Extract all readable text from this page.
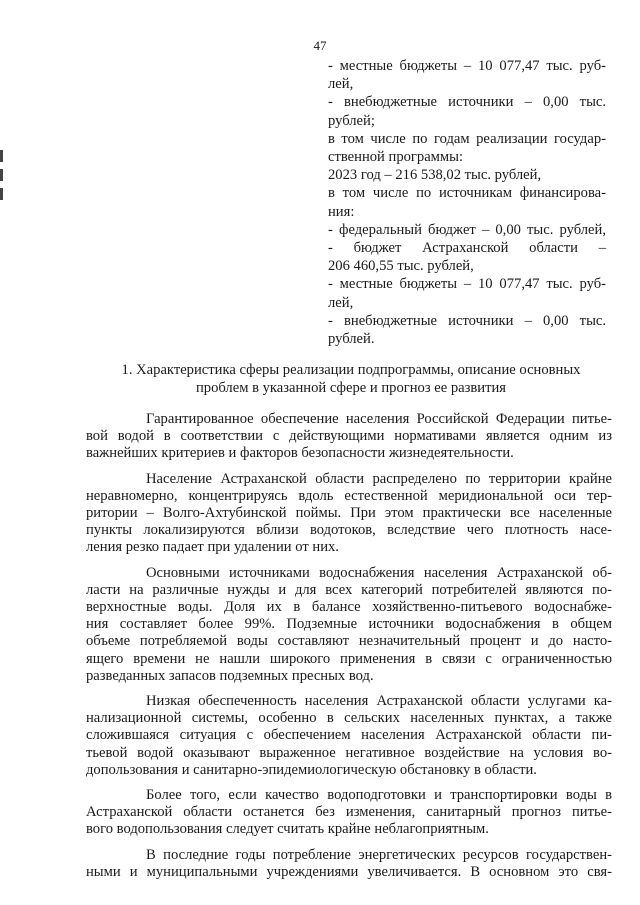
47
- местные бюджеты – 10 077,47 тыс. руб-
лей,
- внебюджетные источники – 0,00 тыс.
рублей;
в том числе по годам реализации государ-
ственной программы:
2023 год – 216 538,02 тыс. рублей,
в том числе по источникам финансирова-
ния:
- федеральный бюджет – 0,00 тыс. рублей,
- бюджет Астраханской области –
206 460,55 тыс. рублей,
- местные бюджеты – 10 077,47 тыс. руб-
лей,
- внебюджетные источники – 0,00 тыс.
рублей.
1. Характеристика сферы реализации подпрограммы, описание основных
проблем в указанной сфере и прогноз ее развития
Гарантированное обеспечение населения Российской Федерации питье-
вой водой в соответствии с действующими нормативами является одним из
важнейших критериев и факторов безопасности жизнедеятельности.
Население Астраханской области распределено по территории крайне
неравномерно, концентрируясь вдоль естественной меридиональной оси тер-
ритории – Волго-Ахтубинской поймы. При этом практически все населенные
пункты локализируются вблизи водотоков, вследствие чего плотность насе-
ления резко падает при удалении от них.
Основными источниками водоснабжения населения Астраханской об-
ласти на различные нужды и для всех категорий потребителей являются по-
верхностные воды. Доля их в балансе хозяйственно-питьевого водоснабже-
ния составляет более 99%. Подземные источники водоснабжения в общем
объеме потребляемой воды составляют незначительный процент и до насто-
ящего времени не нашли широкого применения в связи с ограниченностью
разведанных запасов подземных пресных вод.
Низкая обеспеченность населения Астраханской области услугами ка-
нализационной системы, особенно в сельских населенных пунктах, а также
сложившаяся ситуация с обеспечением населения Астраханской области пи-
тьевой водой оказывают выраженное негативное воздействие на условия во-
допользования и санитарно-эпидемиологическую обстановку в области.
Более того, если качество водоподготовки и транспортировки воды в
Астраханской области останется без изменения, санитарный прогноз питье-
вого водопользования следует считать крайне неблагоприятным.
В последние годы потребление энергетических ресурсов государствен-
ными и муниципальными учреждениями увеличивается. В основном это свя-
